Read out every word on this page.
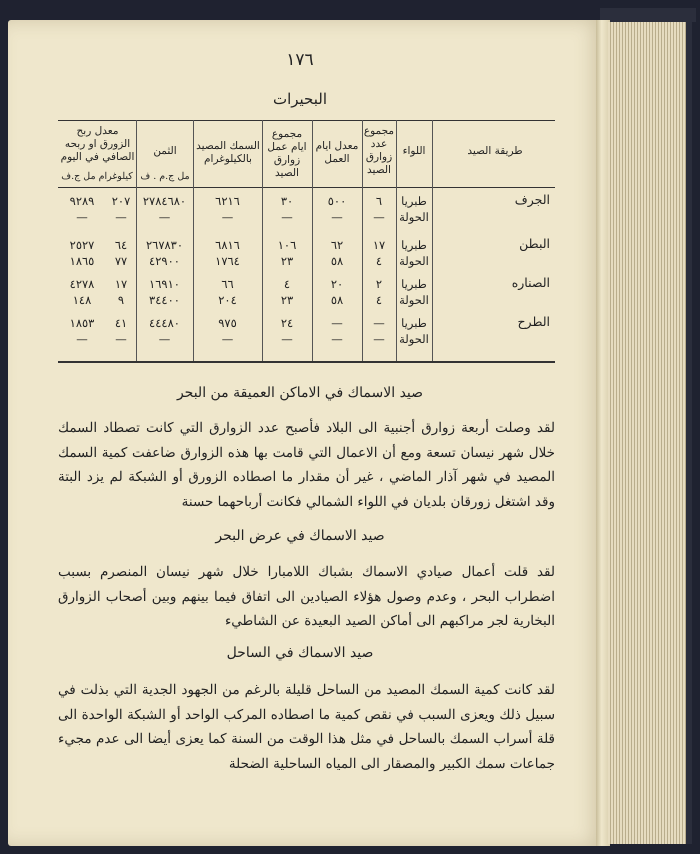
١٧٦
البحيرات
طريقة الصيد
اللواء
مجموع عدد زوارق الصيد
معدل ايام العمل
مجموع ايام عمل زوارق الصيد
السمك المصيد بالكيلوغرام
الثمن
مل ج.م . ف
معدل ربح الزورق او ربحه الصافي في اليوم
كيلوغرام مل ج.ف
الجرف
طبريا
٦
٥٠٠
٣٠
٦٢١٦
٢٧٨٤٦٨٠
٢٠٧
٩٢٨٩
الحولة
—
—
—
—
—
—
—
البطن
طبريا
١٧
٦٢
١٠٦
٦٨١٦
٢٦٧٨٣٠
٦٤
٢٥٢٧
الحولة
٤
٥٨
٢٣
١٧٦٤
٤٢٩٠٠
٧٧
١٨٦٥
الصناره
طبريا
٢
٢٠
٤
٦٦
١٦٩١٠
١٧
٤٢٧٨
الحولة
٤
٥٨
٢٣
٢٠٤
٣٤٤٠٠
٩
١٤٨
الطرح
طبريا
—
—
٢٤
٩٧٥
٤٤٤٨٠
٤١
١٨٥٣
الحولة
—
—
—
—
—
—
—
صيد الاسماك في الاماكن العميقة من البحر
لقد وصلت أربعة زوارق أجنبية الى البلاد فأصبح عدد الزوارق التي كانت تصطاد السمك خلال شهر نيسان تسعة ومع أن الاعمال التي قامت بها هذه الزوارق ضاعفت كمية السمك المصيد في شهر آذار الماضي ، غير أن مقدار ما اصطاده الزورق أو الشبكة لم يزد البتة وقد اشتغل زورقان بلديان في اللواء الشمالي فكانت أرباحهما حسنة
صيد الاسماك في عرض البحر
لقد قلت أعمال صيادي الاسماك بشباك اللامبارا خلال شهر نيسان المنصرم بسبب اضطراب البحر ، وعدم وصول هؤلاء الصيادين الى اتفاق فيما بينهم وبين أصحاب الزوارق البخارية لجر مراكبهم الى أماكن الصيد البعيدة عن الشاطيء
صيد الاسماك في الساحل
لقد كانت كمية السمك المصيد من الساحل قليلة بالرغم من الجهود الجدية التي بذلت في سبيل ذلك ويعزى السبب في نقص كمية ما اصطاده المركب الواحد أو الشبكة الواحدة الى قلة أسراب السمك بالساحل في مثل هذا الوقت من السنة كما يعزى أيضا الى عدم مجيء جماعات سمك الكبير والمصقار الى المياه الساحلية الضحلة
